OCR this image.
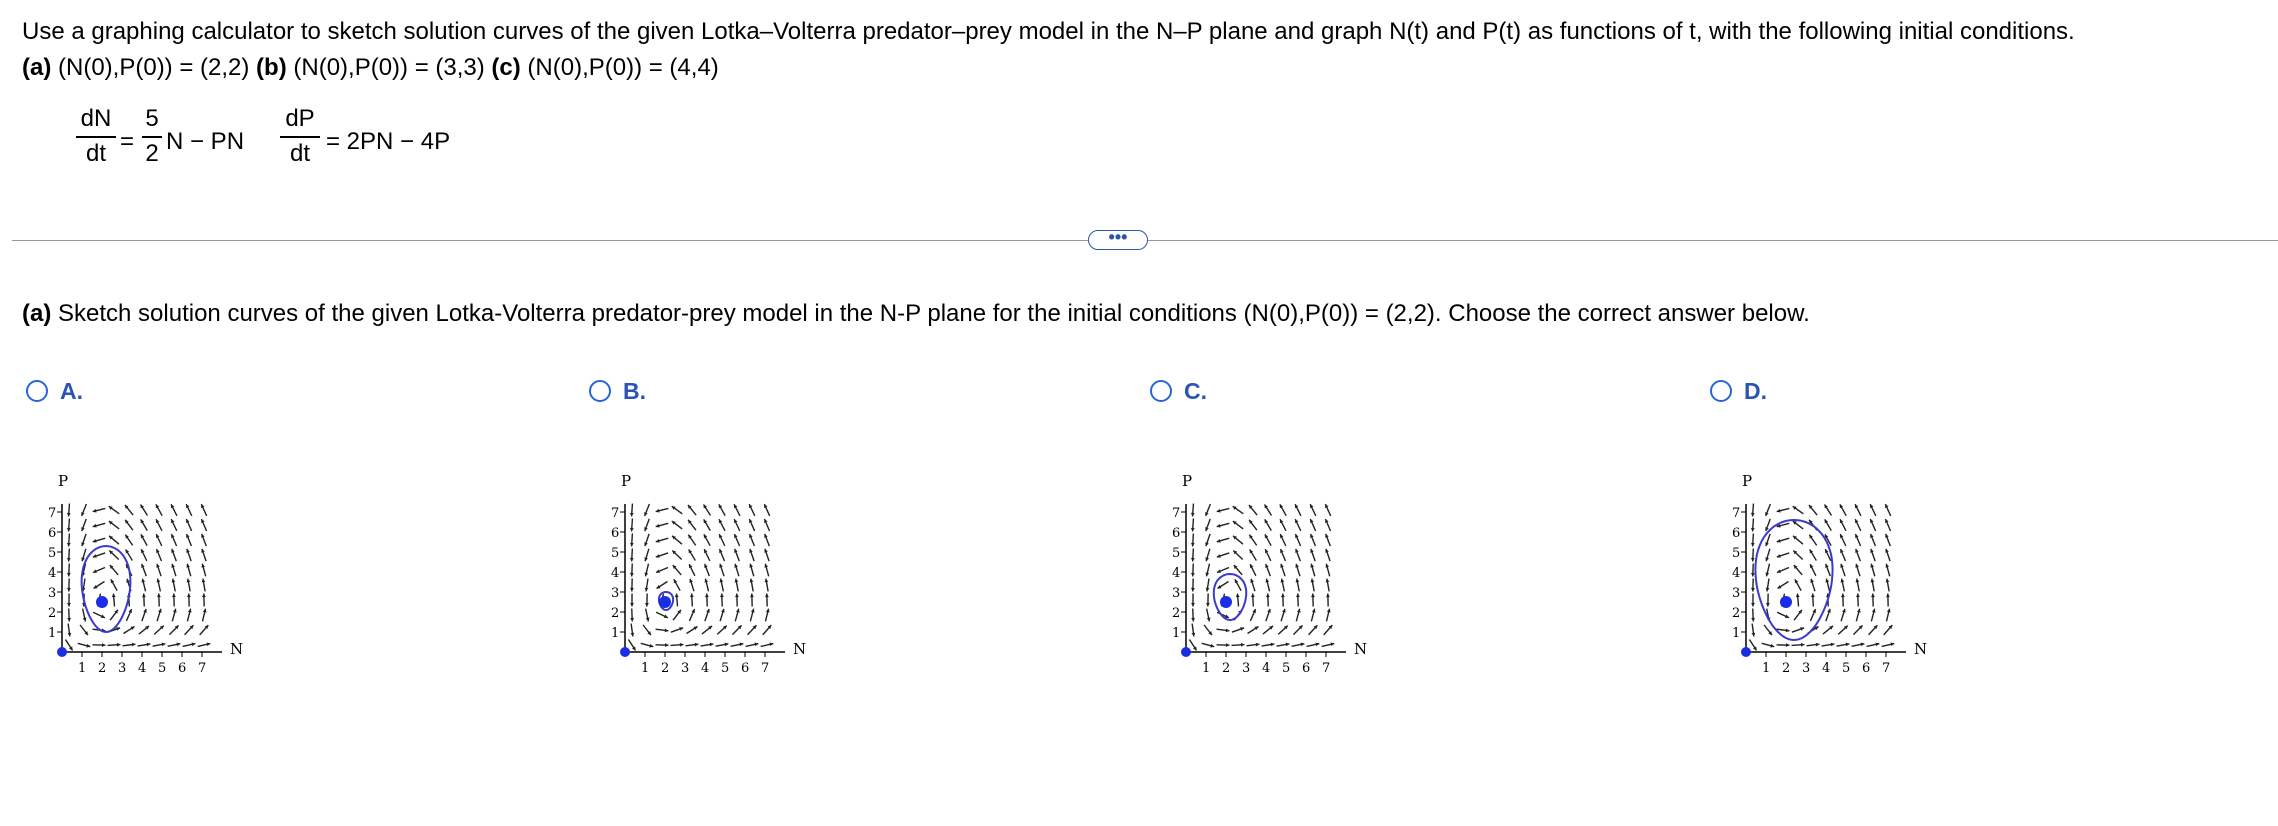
Use a graphing calculator to sketch solution curves of the given Lotka–Volterra predator–prey model in the N–P plane and graph N(t) and P(t) as functions of t, with the following initial conditions.
(a) (N(0),P(0)) = (2,2) (b) (N(0),P(0)) = (3,3) (c) (N(0),P(0)) = (4,4)
dN
dt =
5
2 N − PN
dP
dt = 2PN − 4P
•••
(a) Sketch solution curves of the given Lotka-Volterra predator-prey model in the N-P plane for the initial conditions (N(0),P(0)) = (2,2). Choose the correct answer below.
A.
N
P
1 2 3 4 5 6 7
1
2
3
4
5
6
7
B.
N
P
1 2 3 4 5 6 7
1
2
3
4
5
6
7
C.
N
P
1 2 3 4 5 6 7
1
2
3
4
5
6
7
D.
N
P
1 2 3 4 5 6 7
1
2
3
4
5
6
7
